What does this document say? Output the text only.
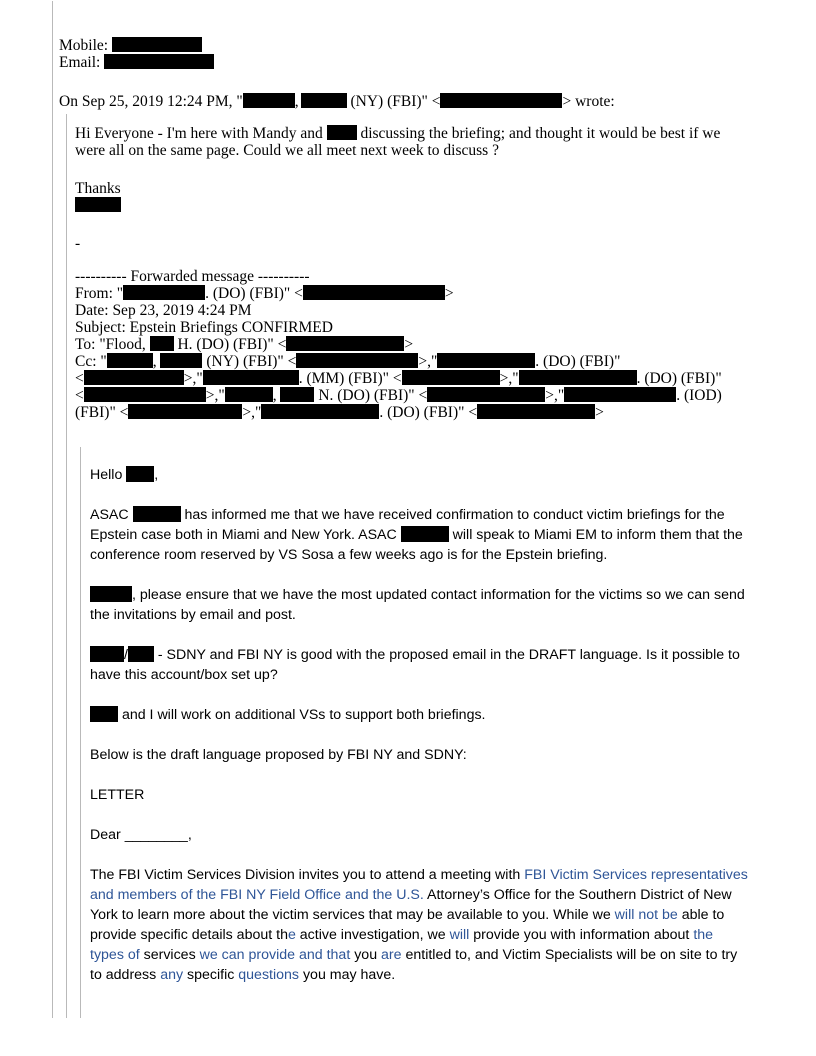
Mobile:

Email:

On Sep 25, 2019 12:24 PM, "	,	(NY) (FBI)" <	> wrote:

Hi Everyone - I'm here with Mandy and  discussing the briefing; and thought it would be best if we

were all on the same page. Could we all meet next week to discuss ?

Thanks

-

---------- Forwarded message ----------

From: "	. (DO) (FBI)" <	>

Date: Sep 23, 2019 4:24 PM

Subject: Epstein Briefings CONFIRMED

To: "Flood,  H. (DO) (FBI)" <	>

Cc: "	,	(NY) (FBI)" <	>,"	. (DO) (FBI)"

<	>,"	. (MM) (FBI)" <	>,"	. (DO) (FBI)"

<	>,"	,  N. (DO) (FBI)" <	>,"	. (IOD)

(FBI)" <	>,"	. (DO) (FBI)" <	>

Hello ,

ASAC	has informed me that we have received confirmation to conduct victim briefings for the

Epstein case both in Miami and New York. ASAC	will speak to Miami EM to inform them that the

conference room reserved by VS Sosa a few weeks ago is for the Epstein briefing.

, please ensure that we have the most updated contact information for the victims so we can send

the invitations by email and post.

/ - SDNY and FBI NY is good with the proposed email in the DRAFT language. Is it possible to

have this account/box set up?

and I will work on additional VSs to support both briefings.
Below is the draft language proposed by FBI NY and SDNY:
LETTER
Dear ________,

The FBI Victim Services Division invites you to attend a meeting with FBI Victim Services representatives

and members of the FBI NY Field Office and the U.S. Attorney’s Office for the Southern District of New

York to learn more about the victim services that may be available to you. While we will not be able to

provide specific details about the active investigation, we will provide you with information about the

types of services we can provide and that you are entitled to, and Victim Specialists will be on site to try

to address any specific questions you may have.
